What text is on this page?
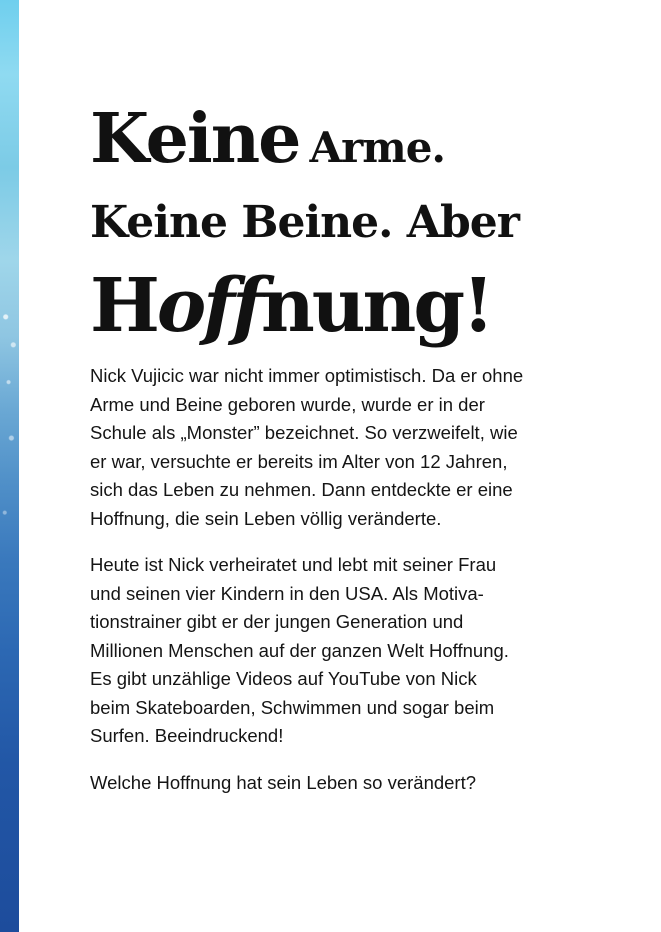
Keine Arme.
Keine Beine. Aber
Hoffnung!

Nick Vujicic war nicht immer optimistisch. Da er ohne
Arme und Beine geboren wurde, wurde er in der
Schule als „Monster” bezeichnet. So verzweifelt, wie
er war, versuchte er bereits im Alter von 12 Jahren,
sich das Leben zu nehmen. Dann entdeckte er eine
Hoffnung, die sein Leben völlig veränderte.

Heute ist Nick verheiratet und lebt mit seiner Frau
und seinen vier Kindern in den USA. Als Motiva-
tionstrainer gibt er der jungen Generation und
Millionen Menschen auf der ganzen Welt Hoffnung.
Es gibt unzählige Videos auf YouTube von Nick
beim Skateboarden, Schwimmen und sogar beim
Surfen. Beeindruckend!

Welche Hoffnung hat sein Leben so verändert?
